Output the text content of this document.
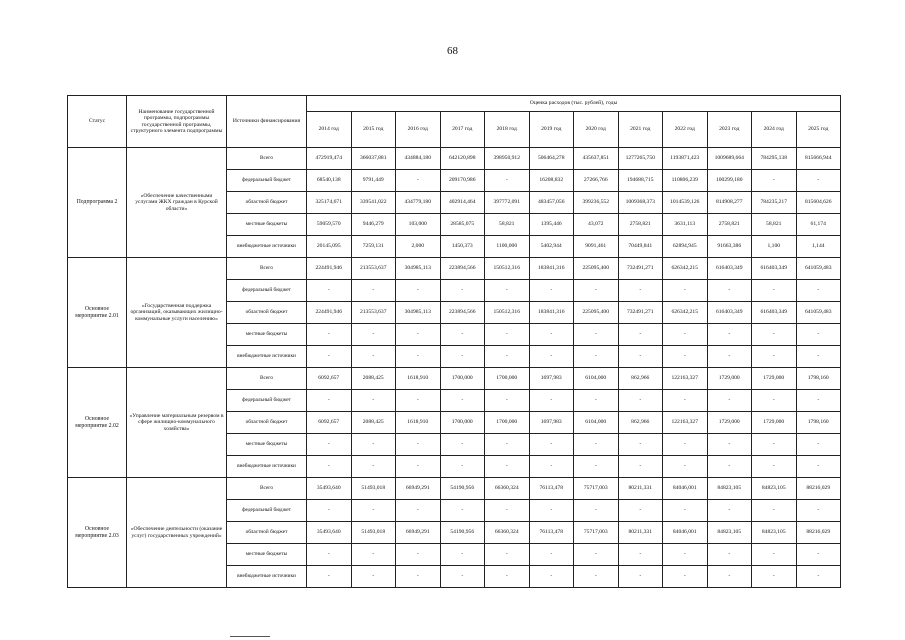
68
Статус	Наименование государственной программы, подпрограммы государственной программы, структурного элемента подпрограммы	Источники финансирования	Оценка расходов (тыс. рублей), годы											
			2014 год	2015 год	2016 год	2017 год	2018 год	2019 год	2020 год	2021 год	2022 год	2023 год	2024 год	2025 год
Подпрограмма 2	«Обеспечение качественными услугами ЖКХ граждан в Курской области»	Всего	472919,474	366037,881	434884,180	642120,898	398950,912	506464,278	435637,851	1277265,750	1193871,423	1009689,664	784295,138	815666,944
		федеральный бюджет	68540,138	9791,449	-	209170,986	-	16208,832	27266,766	194688,715	110806,239	100299,180	-	-
		областной бюджет	325174,671	339541,022	434779,180	402914,464	397772,091	483457,056	399236,552	1009368,373	1014539,126	814908,277	784235,217	815604,626
		местные бюджеты	59059,570	9446,279	103,000	28585,075	58,821	1395,446	43,072	2758,821	3631,113	2758,821	58,821	61,174
		внебюджетные источники	20145,095	7259,131	2,000	1450,373	1100,000	5402,944	9091,461	70449,841	62894,945	91663,386	1,100	1,144
Основное мероприятие 2.01	«Государственная поддержка организаций, оказывающих жилищно-коммунальные услуги населению»	Всего	224491,946	213553,637	304985,113	223894,566	150512,316	183841,316	225095,400	732491,271	626342,215	616403,349	616403,349	641059,483
		федеральный бюджет	-	-	-	-	-	-	-	-	-	-	-	-
		областной бюджет	224491,946	213553,637	304985,113	223894,566	150512,316	183841,316	225095,400	732491,271	626342,215	616403,349	616403,349	641059,483
		местные бюджеты	-	-	-	-	-	-	-	-	-	-	-	-
		внебюджетные источники	-	-	-	-	-	-	-	-	-	-	-	-
Основное мероприятие 2.02	«Управление материальным резервом в сфере жилищно-коммунального хозяйства»	Всего	6092,657	2088,425	1618,910	1700,000	1700,000	1697,983	6104,000	862,966	122163,327	1729,000	1729,000	1798,160
		федеральный бюджет	-	-	-	-	-	-	-	-	-	-	-	-
		областной бюджет	6092,657	2088,425	1618,910	1700,000	1700,000	1697,983	6104,000	862,966	122163,327	1729,000	1729,000	1798,160
		местные бюджеты	-	-	-	-	-	-	-	-	-	-	-	-
		внебюджетные источники	-	-	-	-	-	-	-	-	-	-	-	-
Основное мероприятие 2.03	«Обеспечение деятельности (оказание услуг) государственных учреждений»	Всего	35493,640	51493,018	66949,291	54190,956	66360,324	76113,478	75717,003	80211,331	84046,001	84823,105	84823,105	88216,029
		федеральный бюджет	-	-	-	-	-	-	-	-	-	-	-	-
		областной бюджет	35493,640	51493,018	66949,291	54190,956	66360,324	76113,478	75717,003	80211,331	84046,001	84823,105	84823,105	88216,029
		местные бюджеты	-	-	-	-	-	-	-	-	-	-	-	-
		внебюджетные источники	-	-	-	-	-	-	-	-	-	-	-	-
